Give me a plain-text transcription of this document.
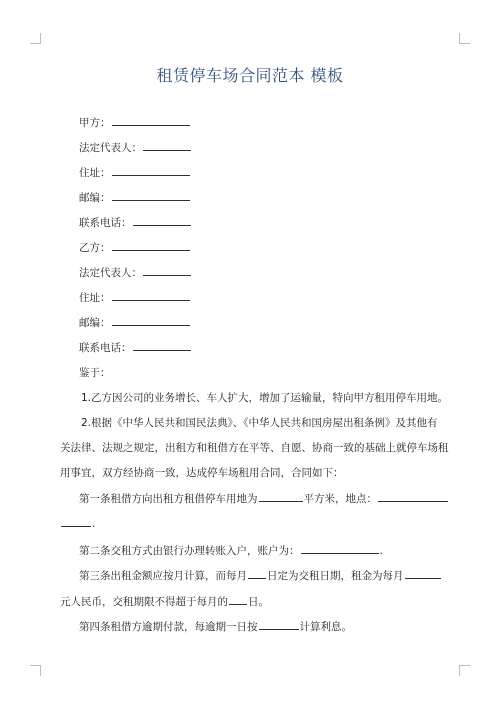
租赁停车场合同范本 模板
甲方：
法定代表人：
住址：
邮编：
联系电话：
乙方：
法定代表人：
住址：
邮编：
联系电话：
鉴于：
1.乙方因公司的业务增长、车人扩大，增加了运输量，特向甲方租用停车用地。
2.根据《中华人民共和国民法典》、《中华人民共和国房屋出租条例》及其他有
关法律、法规之规定，出租方和租借方在平等、自愿、协商一致的基础上就停车场租
用事宜，双方经协商一致，达成停车场租用合同，合同如下：
第一条租借方向出租方租借停车用地为	平方米，地点：
.
第二条交租方式由银行办理转账入户，账户为：	.
第三条出租金额应按月计算，而每月 日定为交租日期，租金为每月
元人民币，交租期限不得超于每月的 日。
第四条租借方逾期付款，每逾期一日按	计算利息。
